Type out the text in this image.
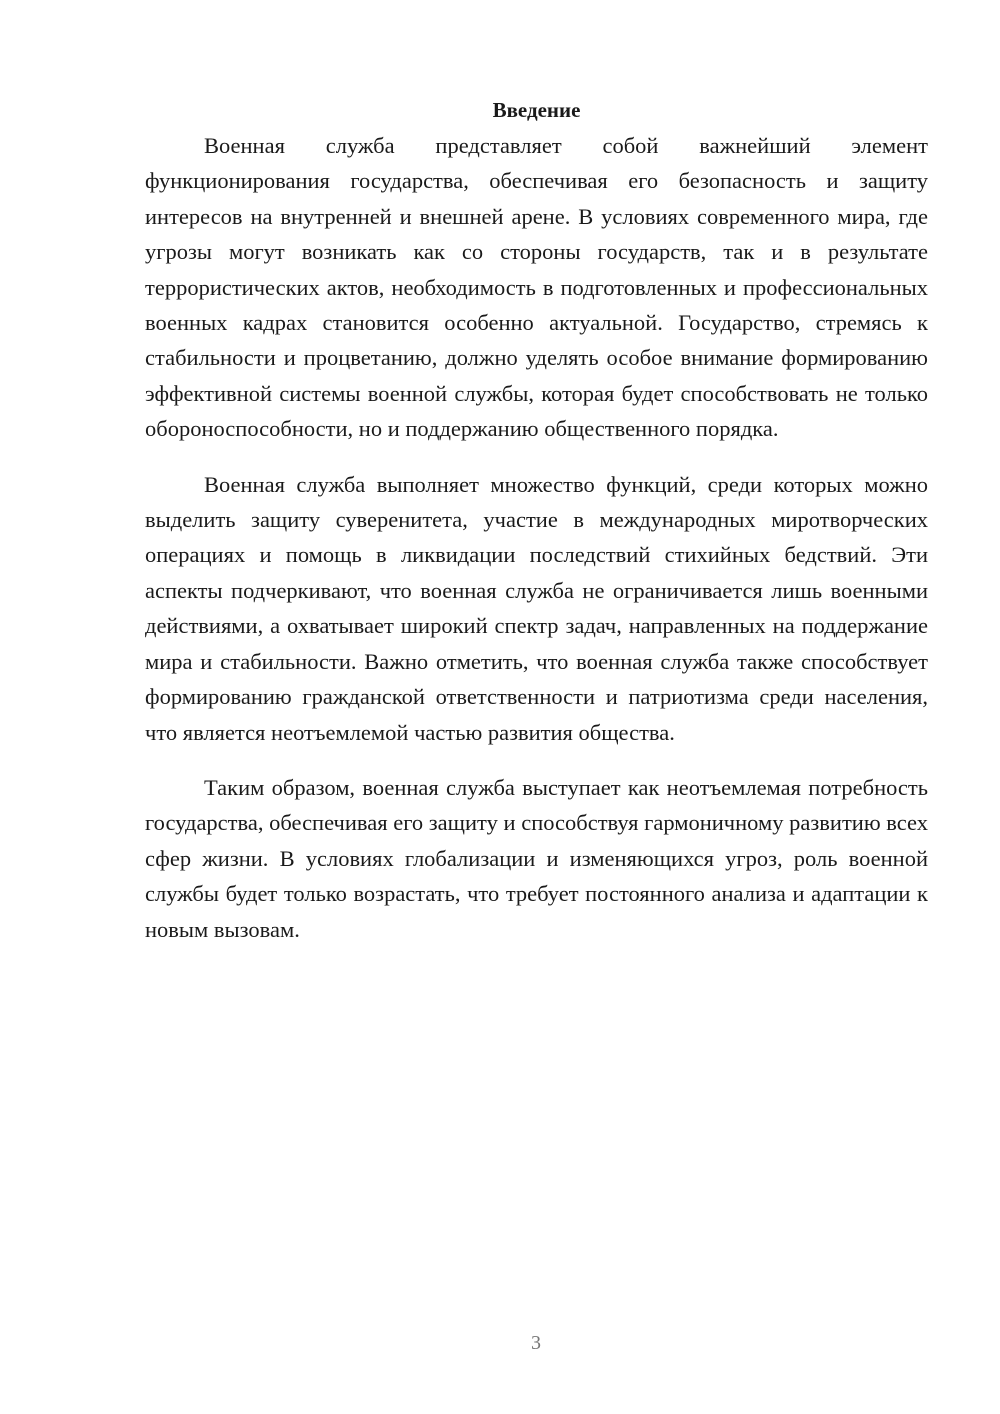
Введение

Военная служба представляет собой важнейший элемент функционирования государства, обеспечивая его безопасность и защиту интересов на внутренней и внешней арене. В условиях современного мира, где угрозы могут возникать как со стороны государств, так и в результате террористических актов, необходимость в подготовленных и профессиональных военных кадрах становится особенно актуальной. Государство, стремясь к стабильности и процветанию, должно уделять особое внимание формированию эффективной системы военной службы, которая будет способствовать не только обороноспособности, но и поддержанию общественного порядка.

Военная служба выполняет множество функций, среди которых можно выделить защиту суверенитета, участие в международных миротворческих операциях и помощь в ликвидации последствий стихийных бедствий. Эти аспекты подчеркивают, что военная служба не ограничивается лишь военными действиями, а охватывает широкий спектр задач, направленных на поддержание мира и стабильности. Важно отметить, что военная служба также способствует формированию гражданской ответственности и патриотизма среди населения, что является неотъемлемой частью развития общества.

Таким образом, военная служба выступает как неотъемлемая потребность государства, обеспечивая его защиту и способствуя гармоничному развитию всех сфер жизни. В условиях глобализации и изменяющихся угроз, роль военной службы будет только возрастать, что требует постоянного анализа и адаптации к новым вызовам.

3
